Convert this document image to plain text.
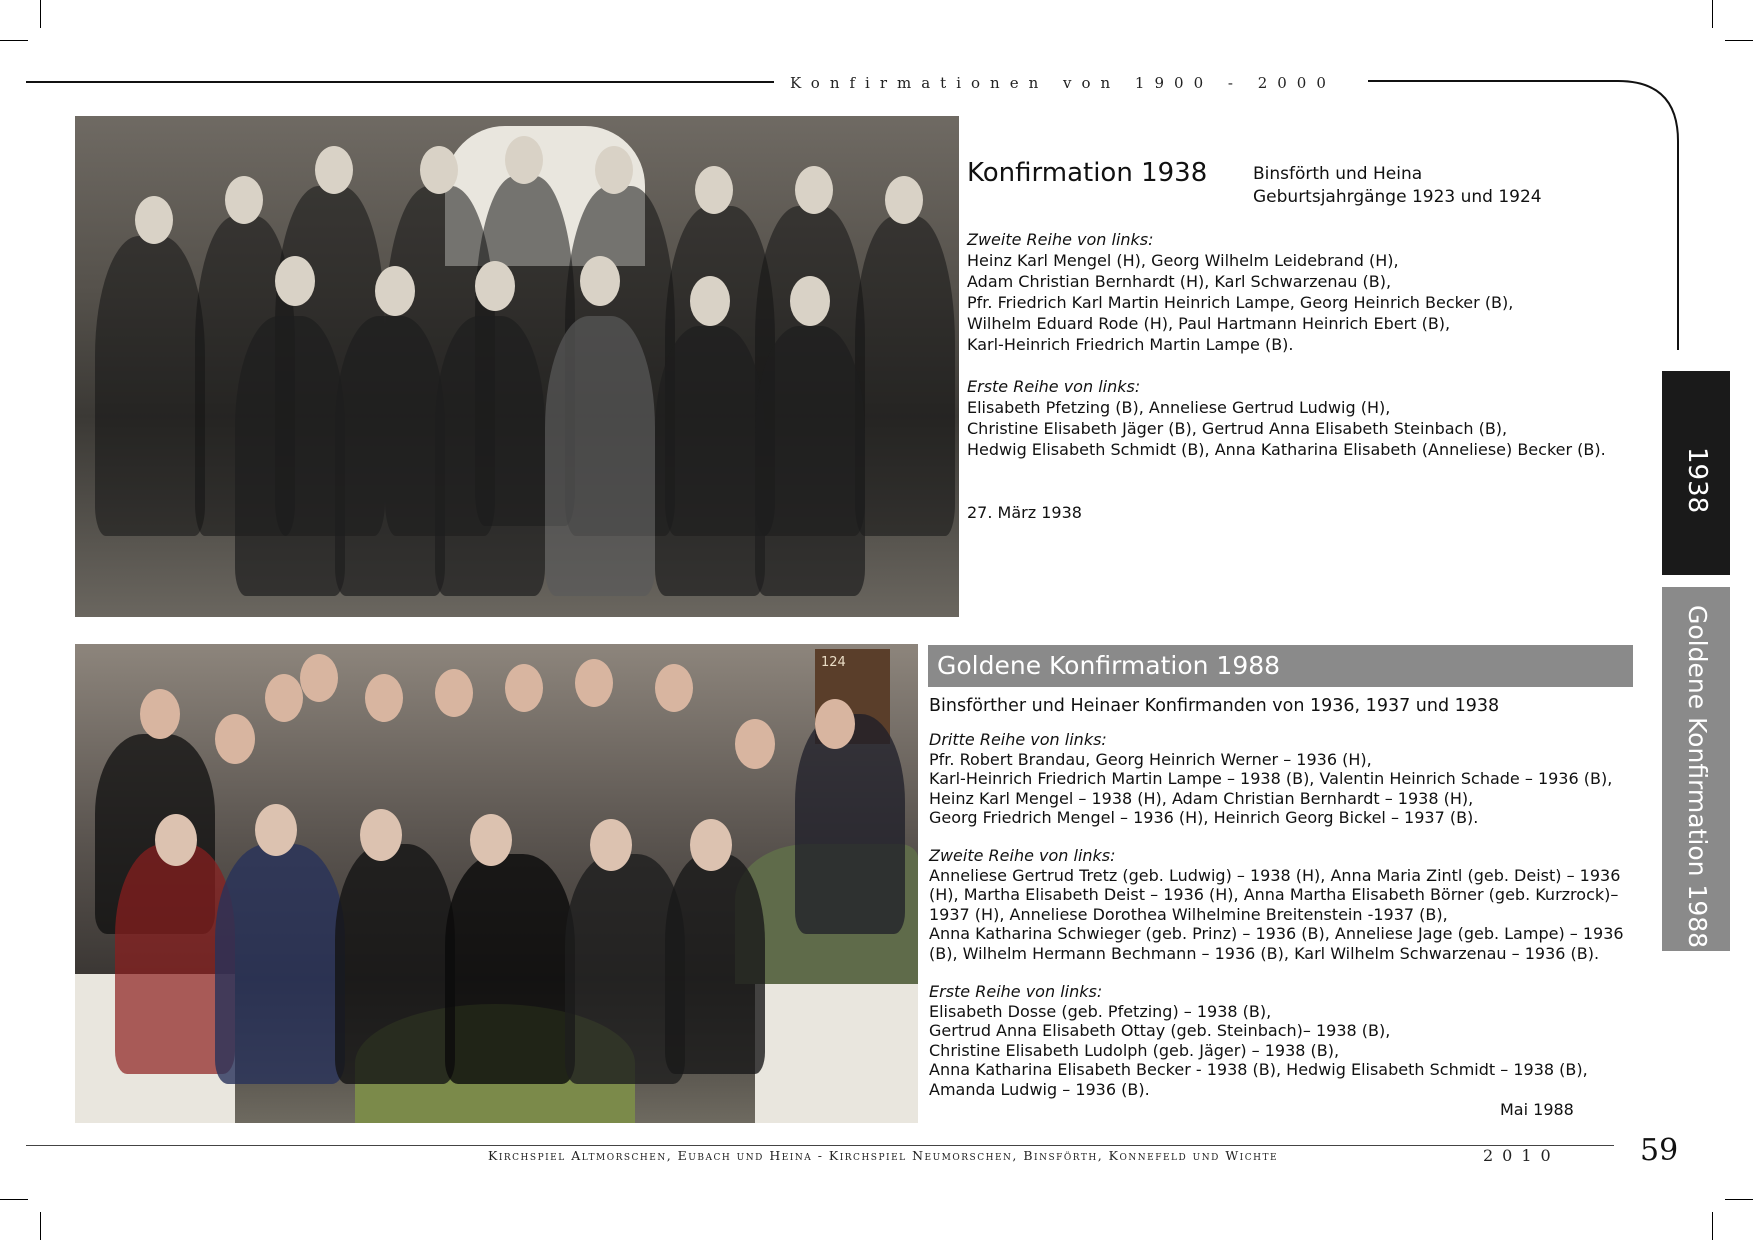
Konfirmationen von 1900 - 2000
Konfirmation 1938	Binsförth und Heina
Geburtsjahrgänge 1923 und 1924
Zweite Reihe von links:
Heinz Karl Mengel (H), Georg Wilhelm Leidebrand (H),
Adam Christian Bernhardt (H), Karl Schwarzenau (B),
Pfr. Friedrich Karl Martin Heinrich Lampe, Georg Heinrich Becker (B),
Wilhelm Eduard Rode (H), Paul Hartmann Heinrich Ebert (B),
Karl-Heinrich Friedrich Martin Lampe (B).
Erste Reihe von links:
Elisabeth Pfetzing (B), Anneliese Gertrud Ludwig (H),
Christine Elisabeth Jäger (B), Gertrud Anna Elisabeth Steinbach (B),
Hedwig Elisabeth Schmidt (B), Anna Katharina Elisabeth (Anneliese) Becker (B).
27. März 1938
124	Goldene Konfirmation 1988
Binsförther und Heinaer Konfirmanden von 1936, 1937 und 1938
Dritte Reihe von links:
Pfr. Robert Brandau, Georg Heinrich Werner – 1936 (H),
Karl-Heinrich Friedrich Martin Lampe – 1938 (B), Valentin Heinrich Schade – 1936 (B),
Heinz Karl Mengel – 1938 (H), Adam Christian Bernhardt – 1938 (H),
Georg Friedrich Mengel – 1936 (H), Heinrich Georg Bickel – 1937 (B).
Zweite Reihe von links:
Anneliese Gertrud Tretz (geb. Ludwig) – 1938 (H), Anna Maria Zintl (geb. Deist) – 1936
(H), Martha Elisabeth Deist – 1936 (H), Anna Martha Elisabeth Börner (geb. Kurzrock)–
1937 (H), Anneliese Dorothea Wilhelmine Breitenstein -1937 (B),
Anna Katharina Schwieger (geb. Prinz) – 1936 (B), Anneliese Jage (geb. Lampe) – 1936
(B), Wilhelm Hermann Bechmann – 1936 (B), Karl Wilhelm Schwarzenau – 1936 (B).
Erste Reihe von links:
Elisabeth Dosse (geb. Pfetzing) – 1938 (B),
Gertrud Anna Elisabeth Ottay (geb. Steinbach)– 1938 (B),
Christine Elisabeth Ludolph (geb. Jäger) – 1938 (B),
Anna Katharina Elisabeth Becker - 1938 (B), Hedwig Elisabeth Schmidt – 1938 (B),
Amanda Ludwig – 1936 (B).
Mai 1988
1938
Goldene Konfirmation 1988
Kirchspiel Altmorschen, Eubach und Heina - Kirchspiel Neumorschen, Binsförth, Konnefeld und Wichte	2010	59
